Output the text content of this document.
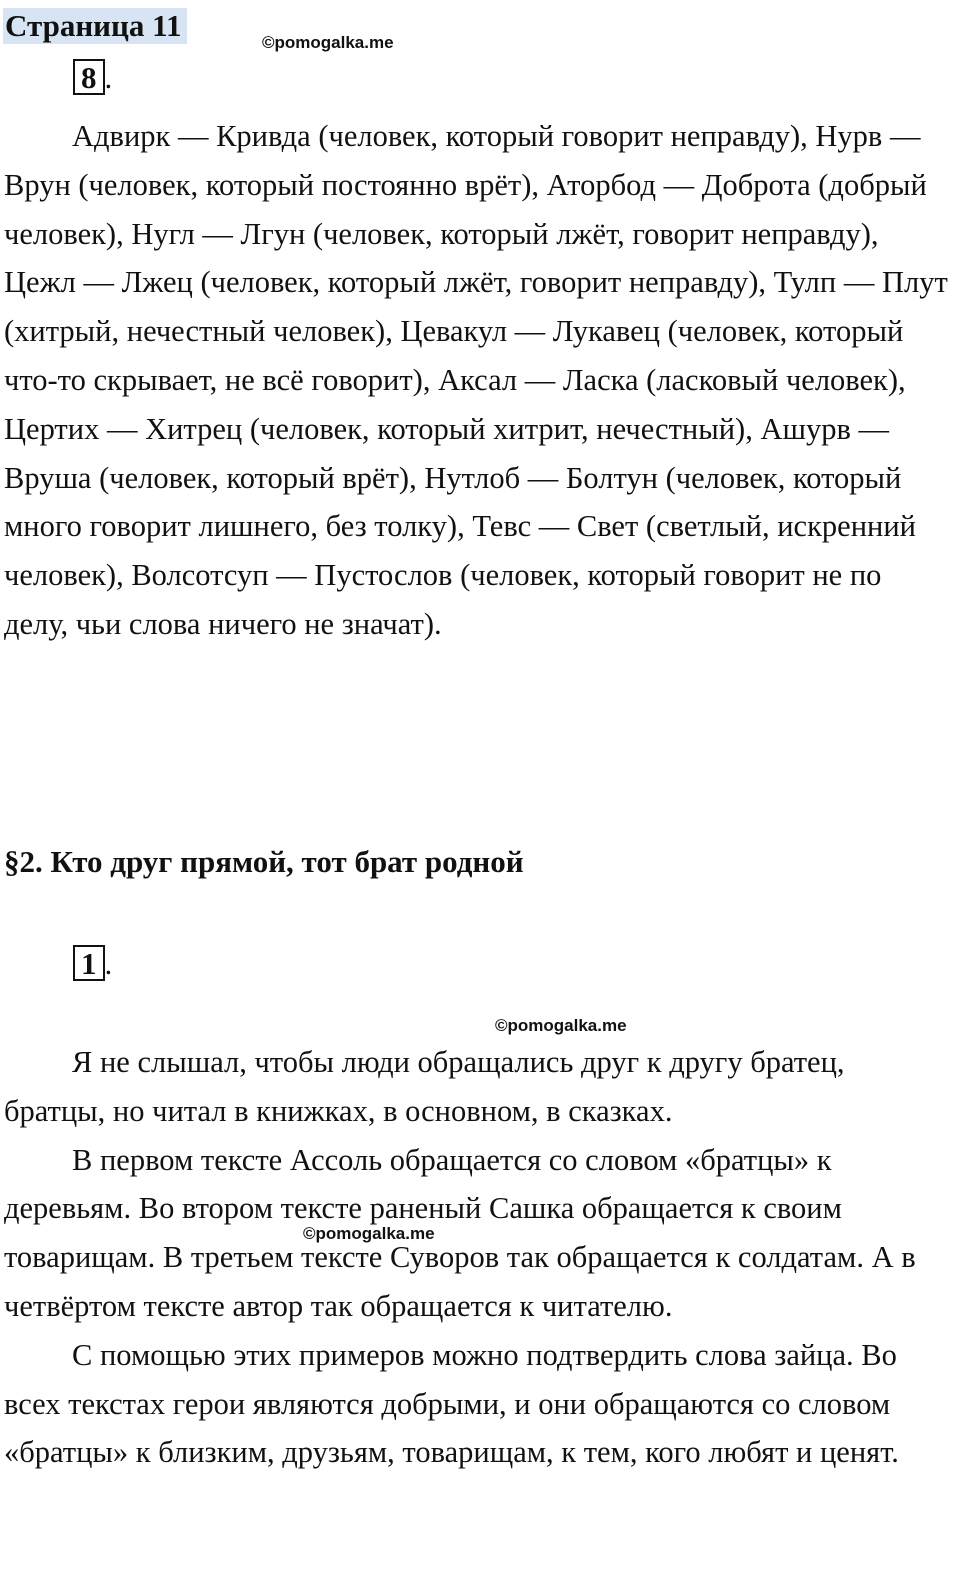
Страница 11	©pomogalka.me
8 .

Адвирк — Кривда (человек, который говорит неправду), Нурв — Врун (человек, который постоянно врёт), Аторбод — Доброта (добрый человек), Нугл — Лгун (человек, который лжёт, говорит неправду), Цежл — Лжец (человек, который лжёт, говорит неправду), Тулп — Плут (хитрый, нечестный человек), Цевакул — Лукавец (человек, который что-то скрывает, не всё говорит), Аксал — Ласка (ласковый человек), Цертих — Хитрец (человек, который хитрит, нечестный), Ашурв — Вруша (человек, который врёт), Нутлоб — Болтун (человек, который много говорит лишнего, без толку), Тевс — Свет (светлый, искренний человек), Волсотсуп — Пустослов (человек, который говорит не по делу, чьи слова ничего не значат).

§2. Кто друг прямой, тот брат родной
1 .
©pomogalka.me

Я не слышал, чтобы люди обращались друг к другу братец, братцы, но читал в книжках, в основном, в сказках.

В первом тексте Ассоль обращается со словом «братцы» к деревьям. Во втором тексте раненый Сашка обращается к своим товарищам. В третьем тексте Суворов так обращается к солдатам. А в четвёртом тексте автор так обращается к читателю.

С помощью этих примеров можно подтвердить слова зайца. Во всех текстах герои являются добрыми, и они обращаются со словом «братцы» к близким, друзьям, товарищам, к тем, кого любят и ценят.

©pomogalka.me
